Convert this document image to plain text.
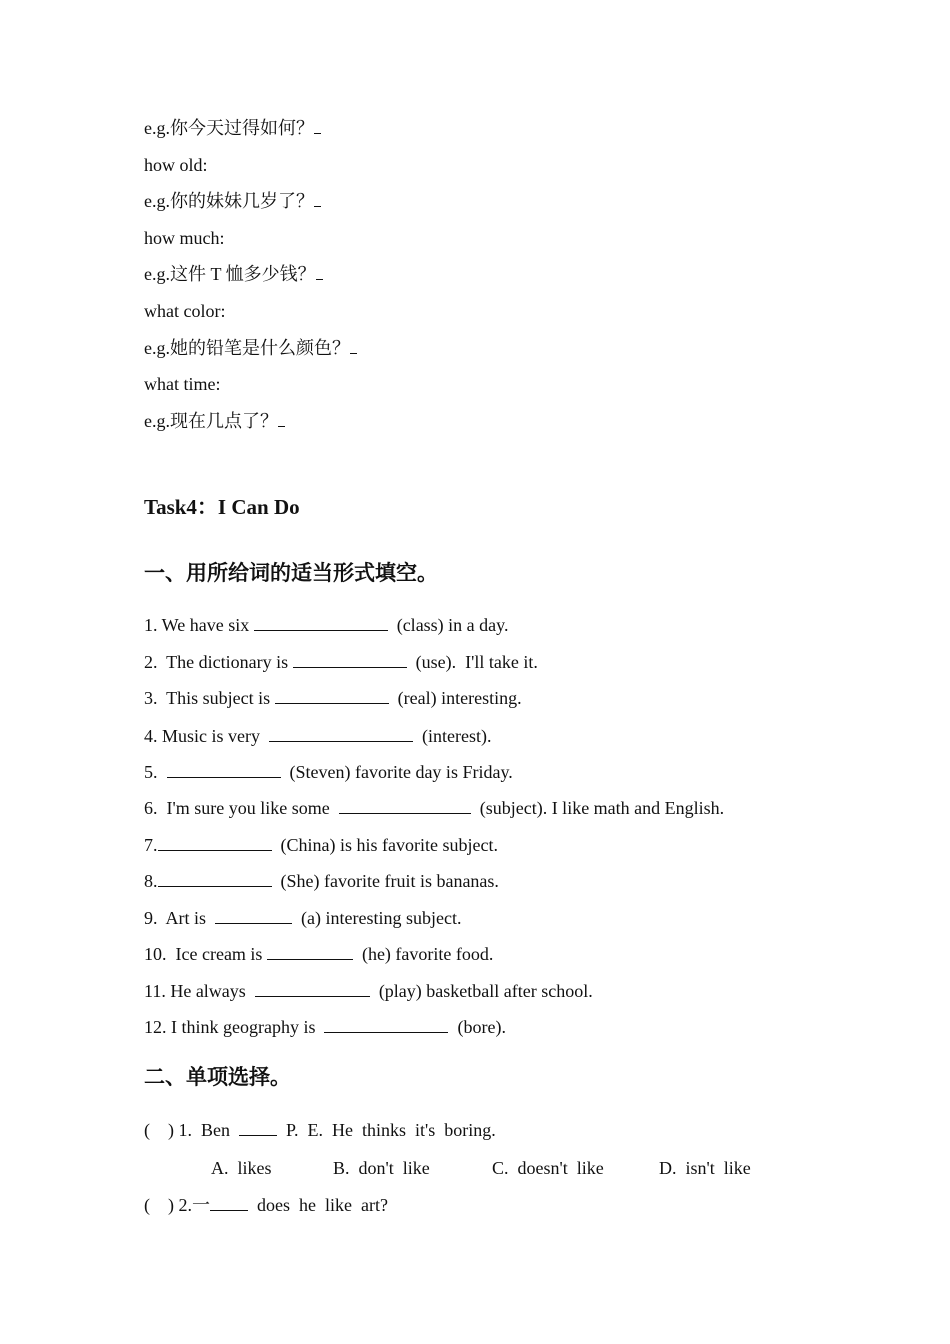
e.g.你今天过得如何？
how old:
e.g.你的妹妹几岁了？
how much:
e.g.这件 T 恤多少钱？
what color:
e.g.她的铅笔是什么颜色？
what time:
e.g.现在几点了？
Task4：I Can Do
一、用所给词的适当形式填空。
1. We have six	(class) in a day.
2.  The dictionary is	(use).  I'll take it.
3.  This subject is	(real) interesting.
4. Music is very	(interest).
5.	(Steven) favorite day is Friday.
6.  I'm sure you like some	(subject). I like math and English.
7.	(China) is his favorite subject.
8.	(She) favorite fruit is bananas.
9.  Art is	(a) interesting subject.
10.  Ice cream is	(he) favorite food.
11. He always	(play) basketball after school.
12. I think geography is	(bore).
二、单项选择。
(    ) 1.  Ben    P.  E.  He  thinks  it's  boring.
A.  likes	B.  don't  like	C.  doesn't  like	D.  isn't  like
(    ) 2.一  does  he  like  art?
